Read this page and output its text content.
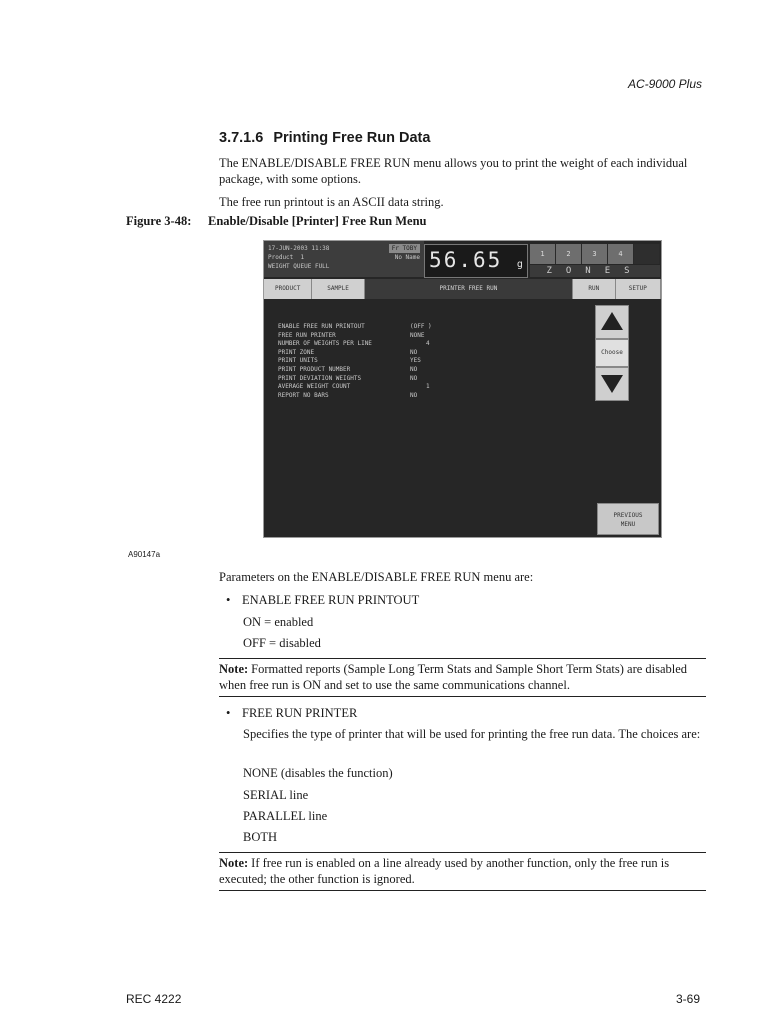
AC-9000 Plus
3.7.1.6 Printing Free Run Data
The ENABLE/DISABLE FREE RUN menu allows you to print the weight of each individual package, with some options.
The free run printout is an ASCII data string.
Figure 3-48: Enable/Disable [Printer] Free Run Menu
17-JUN-2003 11:38	Fr TOBY
Product 1	No Name
WEIGHT QUEUE FULL	56.65 g
1	2	3	4
ZONES
PRODUCT	SAMPLE	PRINTER FREE RUN	RUN	SETUP
ENABLE FREE RUN PRINTOUT	(OFF )
FREE RUN PRINTER	NONE
NUMBER OF WEIGHTS PER LINE	4
PRINT ZONE	NO
PRINT UNITS	YES
PRINT PRODUCT NUMBER	NO
PRINT DEVIATION WEIGHTS	NO
AVERAGE WEIGHT COUNT	1
REPORT NO BARS	NO
Choose
PREVIOUS
MENU
A90147a
Parameters on the ENABLE/DISABLE FREE RUN menu are:
• ENABLE FREE RUN PRINTOUT
ON = enabled
OFF = disabled
Note: Formatted reports (Sample Long Term Stats and Sample Short Term Stats) are disabled when free run is ON and set to use the same communications channel.
• FREE RUN PRINTER
Specifies the type of printer that will be used for printing the free run data. The choices are:
NONE (disables the function)
SERIAL line
PARALLEL line
BOTH
Note: If free run is enabled on a line already used by another function, only the free run is executed; the other function is ignored.
REC 4222	3-69
